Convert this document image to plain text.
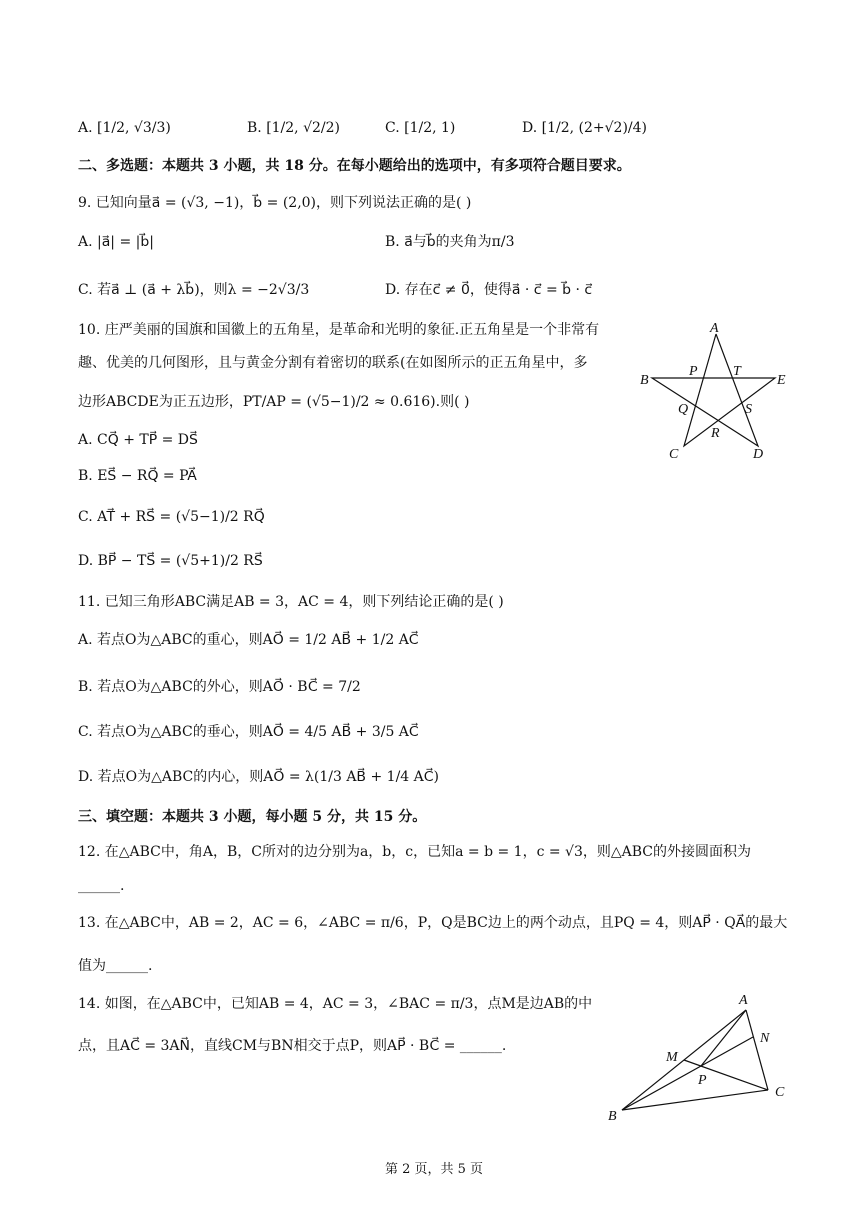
A. [1/2, √3/3)	B. [1/2, √2/2)	C. [1/2, 1)	D. [1/2, (2+√2)/4)
二、多选题：本题共 3 小题，共 18 分。在每小题给出的选项中，有多项符合题目要求。
9. 已知向量a⃗ = (√3, −1)，b⃗ = (2,0)，则下列说法正确的是( )
A. |a⃗| = |b⃗|	B. a⃗与b⃗的夹角为π/3
C. 若a⃗ ⊥ (a⃗ + λb⃗)，则λ = −2√3/3	D. 存在c⃗ ≠ 0⃗，使得a⃗ · c⃗ = b⃗ · c⃗
10. 庄严美丽的国旗和国徽上的五角星，是革命和光明的象征.正五角星是一个非常有
趣、优美的几何图形，且与黄金分割有着密切的联系(在如图所示的正五角星中，多
边形ABCDE为正五边形，PT/AP = (√5−1)/2 ≈ 0.616).则( )
A. CQ⃗ + TP⃗ = DS⃗
B. ES⃗ − RQ⃗ = PA⃗
C. AT⃗ + RS⃗ = (√5−1)/2 RQ⃗
D. BP⃗ − TS⃗ = (√5+1)/2 RS⃗
A
B	E
C	D
P	T
Q	S
R
11. 已知三角形ABC满足AB = 3，AC = 4，则下列结论正确的是( )
A. 若点O为△ABC的重心，则AO⃗ = 1/2 AB⃗ + 1/2 AC⃗
B. 若点O为△ABC的外心，则AO⃗ · BC⃗ = 7/2
C. 若点O为△ABC的垂心，则AO⃗ = 4/5 AB⃗ + 3/5 AC⃗
D. 若点O为△ABC的内心，则AO⃗ = λ(1/3 AB⃗ + 1/4 AC⃗)
三、填空题：本题共 3 小题，每小题 5 分，共 15 分。
12. 在△ABC中，角A，B，C所对的边分别为a，b，c，已知a = b = 1，c = √3，则△ABC的外接圆面积为
______.
13. 在△ABC中，AB = 2，AC = 6，∠ABC = π/6，P，Q是BC边上的两个动点，且PQ = 4，则AP⃗ · QA⃗的最大
值为______.
14. 如图，在△ABC中，已知AB = 4，AC = 3，∠BAC = π/3，点M是边AB的中
点，且AC⃗ = 3AN⃗，直线CM与BN相交于点P，则AP⃗ · BC⃗ = ______.
A
N
M
P
C
B
第 2 页，共 5 页
